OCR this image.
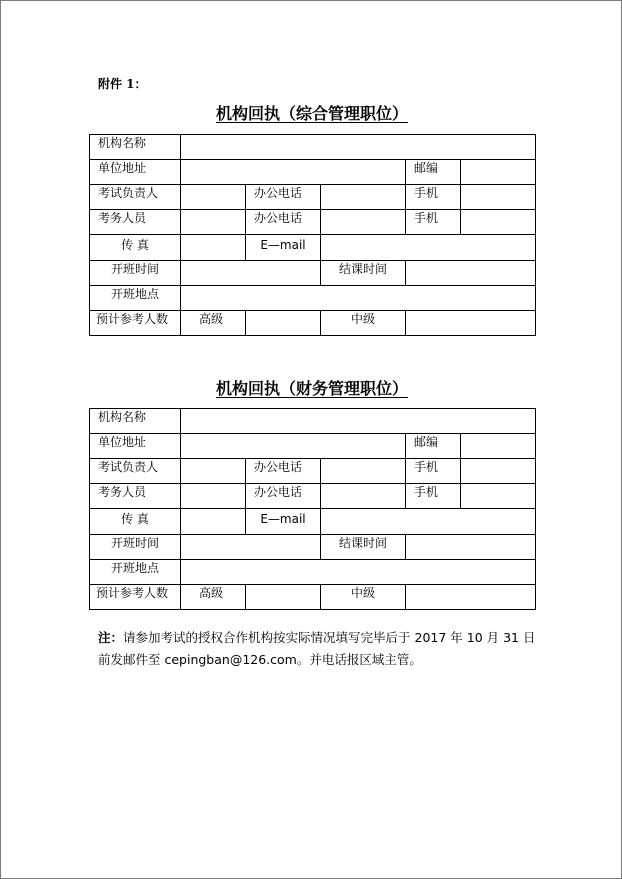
附件 1：
机构回执（综合管理职位）
机构名称					
单位地址				邮编	
考试负责人		办公电话		手机	
考务人员		办公电话		手机	
传 真		E—mail			
开班时间			结课时间		
开班地点					
预计参考人数	高级		中级		
机构回执（财务管理职位）
机构名称					
单位地址				邮编	
考试负责人		办公电话		手机	
考务人员		办公电话		手机	
传 真		E—mail			
开班时间			结课时间		
开班地点					
预计参考人数	高级		中级		
注：请参加考试的授权合作机构按实际情况填写完毕后于 2017 年 10 月 31 日前发邮件至 cepingban@126.com。并电话报区域主管。
